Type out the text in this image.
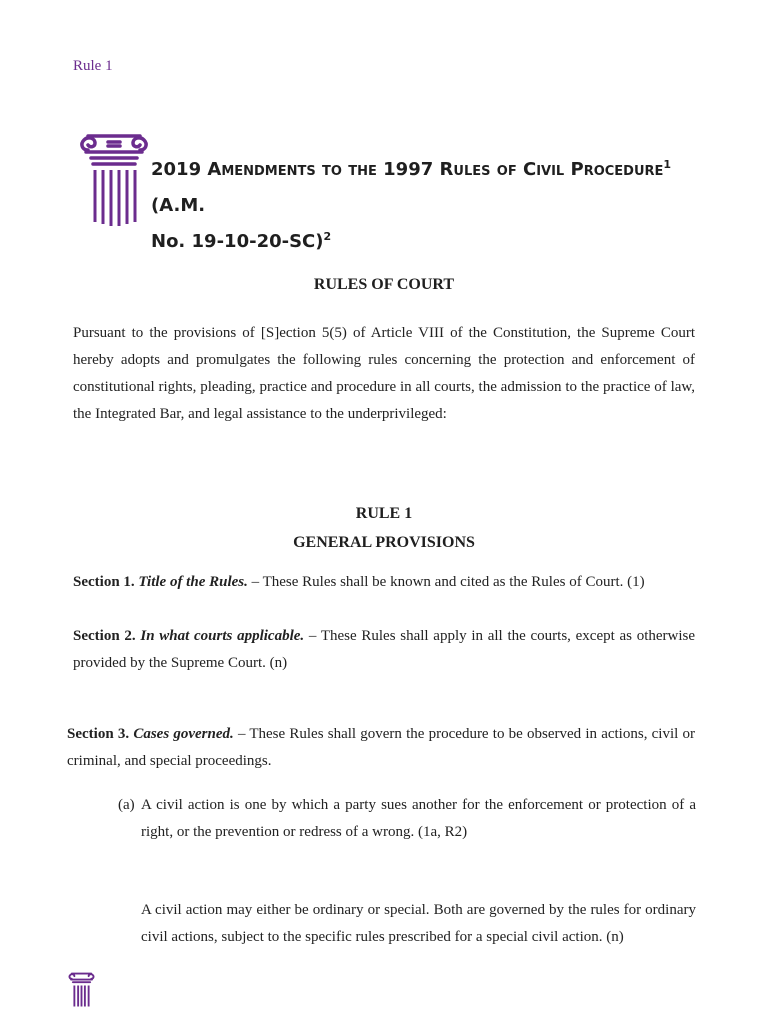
Rule 1
2019 Amendments to the 1997 Rules of Civil Procedure$^1$ (A.M.
No. 19-10-20-SC)$^2$
RULES OF COURT
Pursuant to the provisions of [S]ection 5(5) of Article VIII of the Constitution, the Supreme Court hereby adopts and promulgates the following rules concerning the protection and enforcement of constitutional rights, pleading, practice and procedure in all courts, the admission to the practice of law, the Integrated Bar, and legal assistance to the underprivileged:
RULE 1
GENERAL PROVISIONS
Section 1. Title of the Rules. – These Rules shall be known and cited as the Rules of Court. (1)
Section 2. In what courts applicable. – These Rules shall apply in all the courts, except as otherwise provided by the Supreme Court. (n)
Section 3. Cases governed. – These Rules shall govern the procedure to be observed in actions, civil or criminal, and special proceedings.
(a) A civil action is one by which a party sues another for the enforcement or protection of a right, or the prevention or redress of a wrong. (1a, R2)
A civil action may either be ordinary or special. Both are governed by the rules for ordinary civil actions, subject to the specific rules prescribed for a special civil action. (n)
